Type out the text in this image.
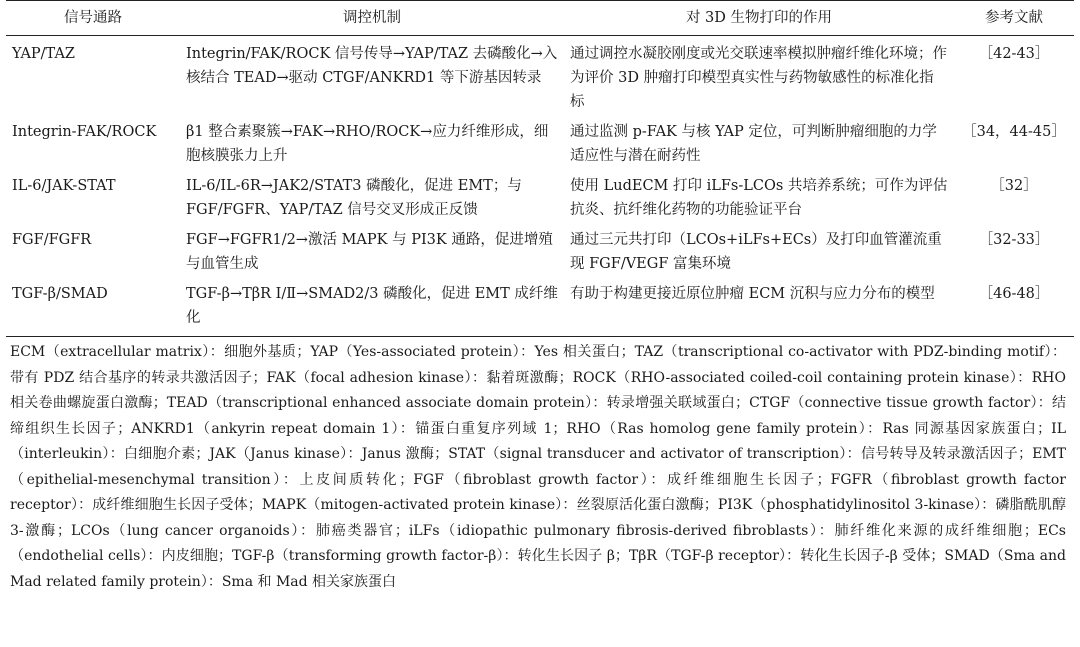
信号通路	调控机制	对 3D 生物打印的作用	参考文献
YAP/TAZ	Integrin/FAK/ROCK 信号传导→YAP/TAZ 去磷酸化→入核结合 TEAD→驱动 CTGF/ANKRD1 等下游基因转录	通过调控水凝胶刚度或光交联速率模拟肿瘤纤维化环境；作为评价 3D 肿瘤打印模型真实性与药物敏感性的标准化指标	［42-43］
Integrin-FAK/ROCK	β1 整合素聚簇→FAK→RHO/ROCK→应力纤维形成，细胞核膜张力上升	通过监测 p-FAK 与核 YAP 定位，可判断肿瘤细胞的力学适应性与潜在耐药性	［34，44-45］
IL-6/JAK-STAT	IL-6/IL-6R→JAK2/STAT3 磷酸化，促进 EMT；与 FGF/FGFR、YAP/TAZ 信号交叉形成正反馈	使用 LudECM 打印 iLFs-LCOs 共培养系统；可作为评估抗炎、抗纤维化药物的功能验证平台	［32］
FGF/FGFR	FGF→FGFR1/2→激活 MAPK 与 PI3K 通路，促进增殖与血管生成	通过三元共打印（LCOs+iLFs+ECs）及打印血管灌流重现 FGF/VEGF 富集环境	［32-33］
TGF-β/SMAD	TGF-β→TβR Ⅰ/Ⅱ→SMAD2/3 磷酸化，促进 EMT 成纤维化	有助于构建更接近原位肿瘤 ECM 沉积与应力分布的模型	［46-48］
ECM（extracellular matrix）：细胞外基质；YAP（Yes-associated protein）：Yes 相关蛋白；TAZ（transcriptional co-activator with PDZ-binding motif）：带有 PDZ 结合基序的转录共激活因子；FAK（focal adhesion kinase）：黏着斑激酶；ROCK（RHO-associated coiled-coil containing protein kinase）：RHO 相关卷曲螺旋蛋白激酶；TEAD（transcriptional enhanced associate domain protein）：转录增强关联域蛋白；CTGF（connective tissue growth factor）：结缔组织生长因子；ANKRD1（ankyrin repeat domain 1）：锚蛋白重复序列域 1；RHO（Ras homolog gene family protein）：Ras 同源基因家族蛋白；IL（interleukin）：白细胞介素；JAK（Janus kinase）：Janus 激酶；STAT（signal transducer and activator of transcription）：信号转导及转录激活因子；EMT（epithelial-mesenchymal transition）：上皮间质转化；FGF（fibroblast growth factor）：成纤维细胞生长因子；FGFR（fibroblast growth factor receptor）：成纤维细胞生长因子受体；MAPK（mitogen-activated protein kinase）：丝裂原活化蛋白激酶；PI3K（phosphatidylinositol 3-kinase）：磷脂酰肌醇 3-激酶；LCOs（lung cancer organoids）：肺癌类器官；iLFs（idiopathic pulmonary fibrosis-derived fibroblasts）：肺纤维化来源的成纤维细胞；ECs（endothelial cells）：内皮细胞；TGF-β（transforming growth factor-β）：转化生长因子 β；TβR（TGF-β receptor）：转化生长因子-β 受体；SMAD（Sma and Mad related family protein）：Sma 和 Mad 相关家族蛋白
